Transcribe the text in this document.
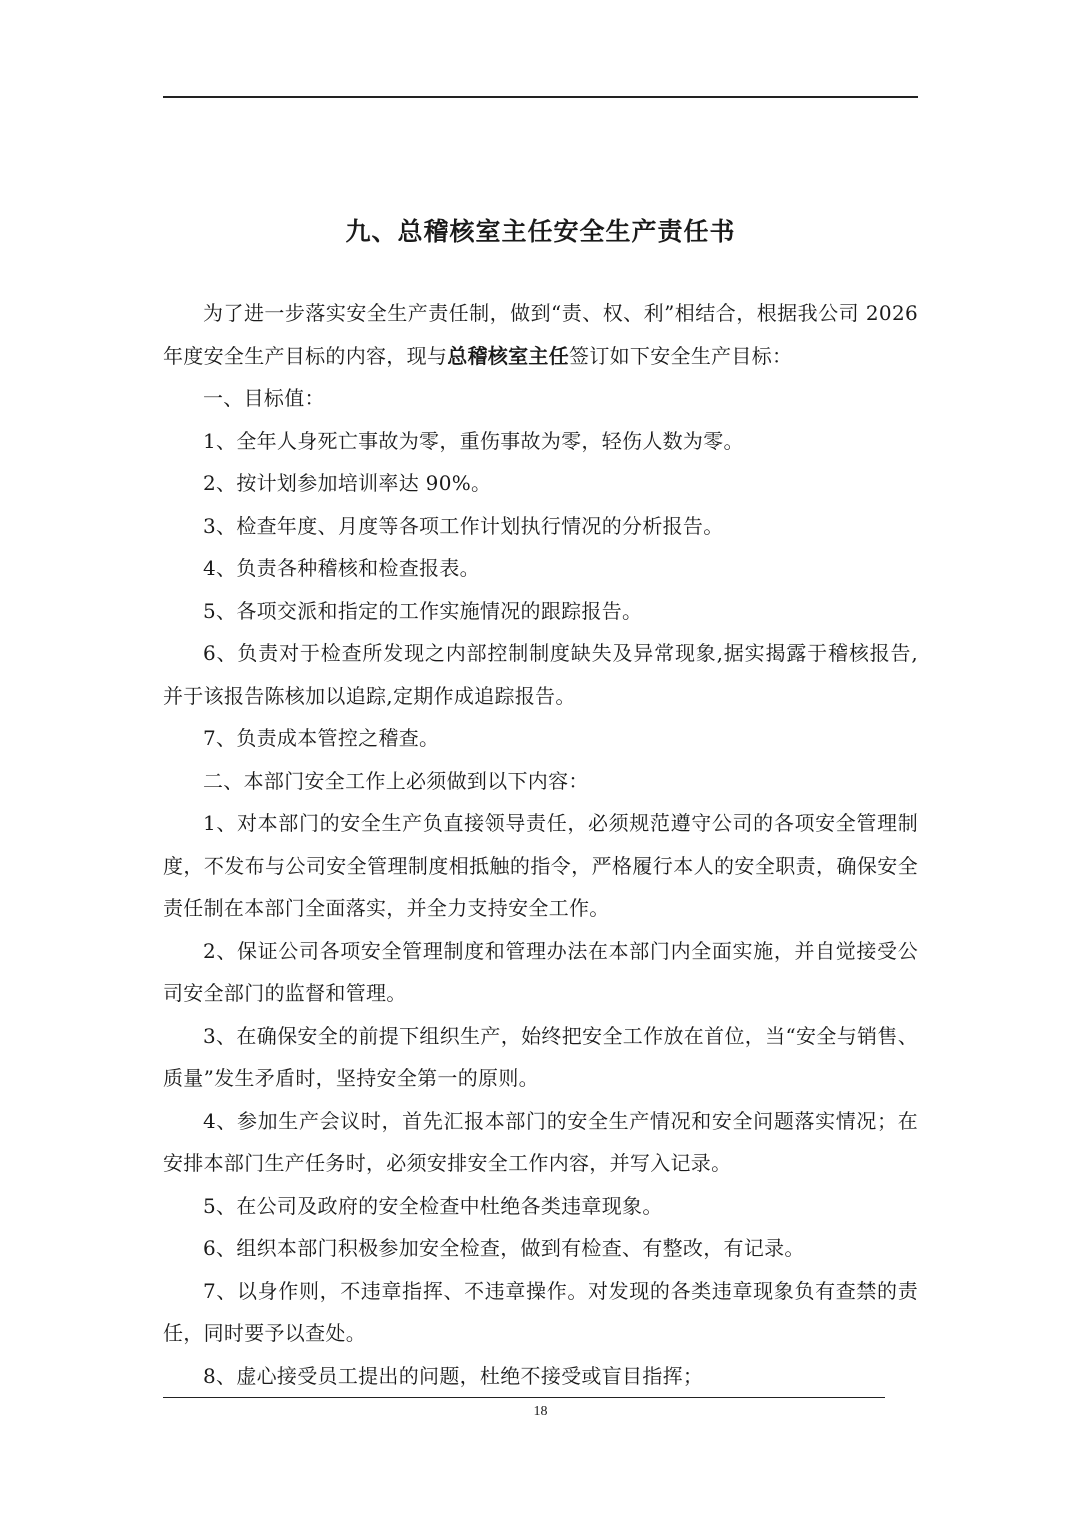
九、总稽核室主任安全生产责任书

为了进一步落实安全生产责任制，做到“责、权、利”相结合，根据我公司 2026 年度安全生产目标的内容，现与总稽核室主任签订如下安全生产目标：

一、目标值：

1、全年人身死亡事故为零，重伤事故为零，轻伤人数为零。

2、按计划参加培训率达 90%。

3、检查年度、月度等各项工作计划执行情况的分析报告。

4、负责各种稽核和检查报表。

5、各项交派和指定的工作实施情况的跟踪报告。

6、负责对于检查所发现之内部控制制度缺失及异常现象,据实揭露于稽核报告,并于该报告陈核加以追踪,定期作成追踪报告。

7、负责成本管控之稽查。

二、本部门安全工作上必须做到以下内容：

1、对本部门的安全生产负直接领导责任，必须规范遵守公司的各项安全管理制度，不发布与公司安全管理制度相抵触的指令，严格履行本人的安全职责，确保安全责任制在本部门全面落实，并全力支持安全工作。

2、保证公司各项安全管理制度和管理办法在本部门内全面实施，并自觉接受公司安全部门的监督和管理。

3、在确保安全的前提下组织生产，始终把安全工作放在首位，当“安全与销售、质量”发生矛盾时，坚持安全第一的原则。

4、参加生产会议时，首先汇报本部门的安全生产情况和安全问题落实情况；在安排本部门生产任务时，必须安排安全工作内容，并写入记录。

5、在公司及政府的安全检查中杜绝各类违章现象。

6、组织本部门积极参加安全检查，做到有检查、有整改，有记录。

7、以身作则，不违章指挥、不违章操作。对发现的各类违章现象负有查禁的责任，同时要予以查处。

8、虚心接受员工提出的问题，杜绝不接受或盲目指挥；

18
